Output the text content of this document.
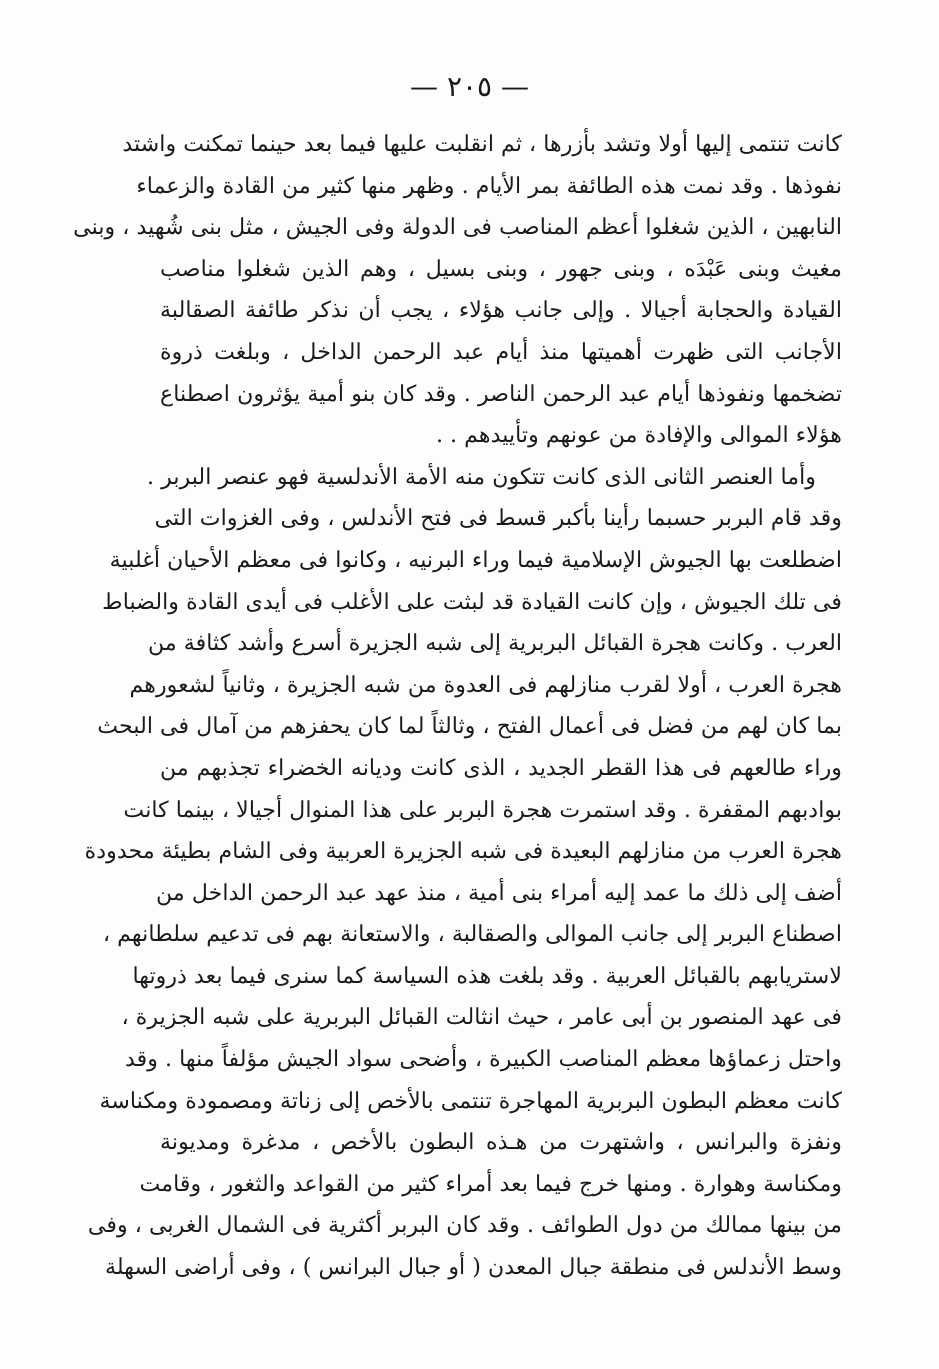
— ٢٠٥ —
كانت تنتمى إليها أولا وتشد بأزرها ، ثم انقلبت عليها فيما بعد حينما تمكنت واشتد
نفوذها . وقد نمت هذه الطائفة بمر الأيام . وظهر منها كثير من القادة والزعماء
النابهين ، الذين شغلوا أعظم المناصب فى الدولة وفى الجيش ، مثل بنى شُهيد ، وبنى
مغيث وبنى عَبْدَه ، وبنى جهور ، وبنى بسيل ، وهم الذين شغلوا مناصب
القيادة والحجابة أجيالا . وإلى جانب هؤلاء ، يجب أن نذكر طائفة الصقالبة
الأجانب التى ظهرت أهميتها منذ أيام عبد الرحمن الداخل ، وبلغت ذروة
تضخمها ونفوذها أيام عبد الرحمن الناصر . وقد كان بنو أمية يؤثرون اصطناع
هؤلاء الموالى والإفادة من عونهم وتأييدهم . .
وأما العنصر الثانى الذى كانت تتكون منه الأمة الأندلسية فهو عنصر البربر .
وقد قام البربر حسبما رأينا بأكبر قسط فى فتح الأندلس ، وفى الغزوات التى
اضطلعت بها الجيوش الإسلامية فيما وراء البرنيه ، وكانوا فى معظم الأحيان أغلبية
فى تلك الجيوش ، وإن كانت القيادة قد لبثت على الأغلب فى أيدى القادة والضباط
العرب . وكانت هجرة القبائل البربرية إلى شبه الجزيرة أسرع وأشد كثافة من
هجرة العرب ، أولا لقرب منازلهم فى العدوة من شبه الجزيرة ، وثانياً لشعورهم
بما كان لهم من فضل فى أعمال الفتح ، وثالثاً لما كان يحفزهم من آمال فى البحث
وراء طالعهم فى هذا القطر الجديد ، الذى كانت وديانه الخضراء تجذبهم من
بوادبهم المقفرة . وقد استمرت هجرة البربر على هذا المنوال أجيالا ، بينما كانت
هجرة العرب من منازلهم البعيدة فى شبه الجزيرة العربية وفى الشام بطيئة محدودة
أضف إلى ذلك ما عمد إليه أمراء بنى أمية ، منذ عهد عبد الرحمن الداخل من
اصطناع البربر إلى جانب الموالى والصقالبة ، والاستعانة بهم فى تدعيم سلطانهم ،
لاستريابهم بالقبائل العربية . وقد بلغت هذه السياسة كما سنرى فيما بعد ذروتها
فى عهد المنصور بن أبى عامر ، حيث انثالت القبائل البربرية على شبه الجزيرة ،
واحتل زعماؤها معظم المناصب الكبيرة ، وأضحى سواد الجيش مؤلفاً منها . وقد
كانت معظم البطون البربرية المهاجرة تنتمى بالأخص إلى زناتة ومصمودة ومكناسة
ونفزة والبرانس ، واشتهرت من هـذه البطون بالأخص ، مدغرة ومديونة
ومكناسة وهوارة . ومنها خرج فيما بعد أمراء كثير من القواعد والثغور ، وقامت
من بينها ممالك من دول الطوائف . وقد كان البربر أكثرية فى الشمال الغربى ، وفى
وسط الأندلس فى منطقة جبال المعدن ( أو جبال البرانس ) ، وفى أراضى السهلة
